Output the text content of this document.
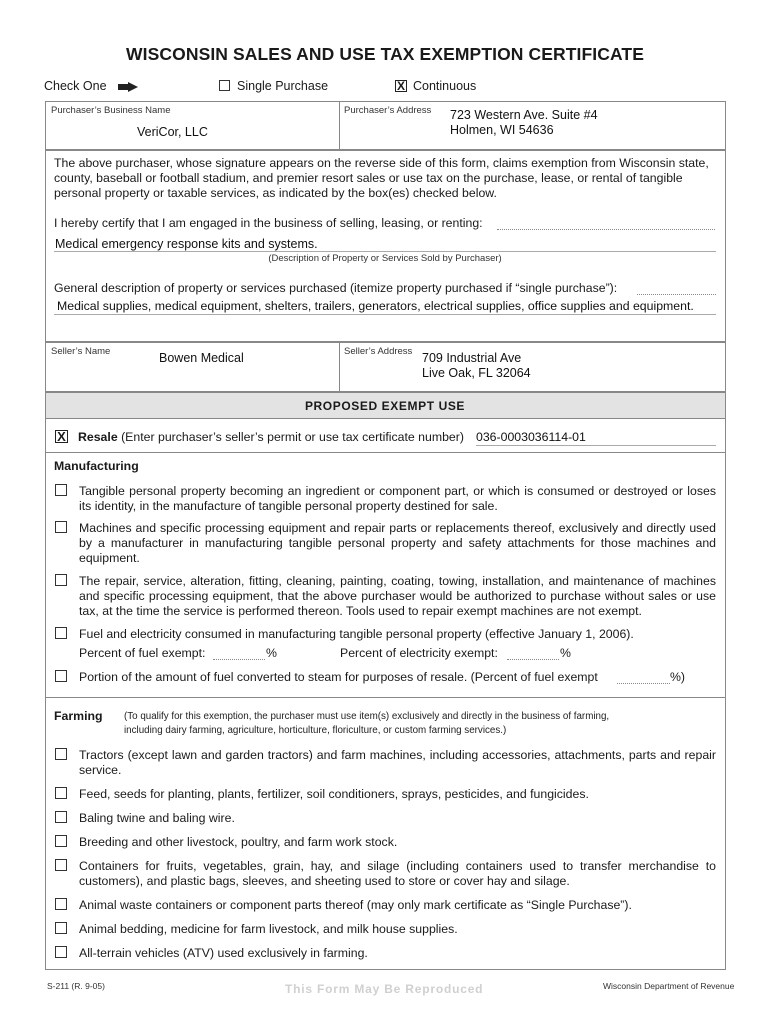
WISCONSIN SALES AND USE TAX EXEMPTION CERTIFICATE
Check One	Single Purchase	X Continuous
Purchaser’s Business Name
VeriCor, LLC
Purchaser’s Address 723 Western Ave. Suite #4
Holmen, WI 54636
The above purchaser, whose signature appears on the reverse side of this form, claims exemption from Wisconsin state, county, baseball or football stadium, and premier resort sales or use tax on the purchase, lease, or rental of tangible personal property or taxable services, as indicated by the box(es) checked below.
I hereby certify that I am engaged in the business of selling, leasing, or renting:
Medical emergency response kits and systems.
(Description of Property or Services Sold by Purchaser)
General description of property or services purchased (itemize property purchased if “single purchase”):
Medical supplies, medical equipment, shelters, trailers, generators, electrical supplies, office supplies and equipment.
Seller’s Name	Bowen Medical	Seller’s Address 709 Industrial Ave
Live Oak, FL 32064
PROPOSED EXEMPT USE
X Resale (Enter purchaser’s seller’s permit or use tax certificate number) 036-0003036114-01
Manufacturing
Tangible personal property becoming an ingredient or component part, or which is consumed or destroyed or loses its identity, in the manufacture of tangible personal property destined for sale.
Machines and specific processing equipment and repair parts or replacements thereof, exclusively and directly used by a manufacturer in manufacturing tangible personal property and safety attachments for those machines and equipment.
The repair, service, alteration, fitting, cleaning, painting, coating, towing, installation, and maintenance of machines and specific processing equipment, that the above purchaser would be authorized to purchase without sales or use tax, at the time the service is performed thereon. Tools used to repair exempt machines are not exempt.
Fuel and electricity consumed in manufacturing tangible personal property (effective January 1, 2006).
Percent of fuel exempt:	%	Percent of electricity exempt:	%
Portion of the amount of fuel converted to steam for purposes of resale. (Percent of fuel exempt	%)
Farming (To qualify for this exemption, the purchaser must use item(s) exclusively and directly in the business of farming,
including dairy farming, agriculture, horticulture, floriculture, or custom farming services.)
Tractors (except lawn and garden tractors) and farm machines, including accessories, attachments, parts and repair service.
Feed, seeds for planting, plants, fertilizer, soil conditioners, sprays, pesticides, and fungicides.
Baling twine and baling wire.
Breeding and other livestock, poultry, and farm work stock.
Containers for fruits, vegetables, grain, hay, and silage (including containers used to transfer merchandise to customers), and plastic bags, sleeves, and sheeting used to store or cover hay and silage.
Animal waste containers or component parts thereof (may only mark certificate as “Single Purchase”).
Animal bedding, medicine for farm livestock, and milk house supplies.
All-terrain vehicles (ATV) used exclusively in farming.
S-211 (R. 9-05)	This Form May Be Reproduced	Wisconsin Department of Revenue
